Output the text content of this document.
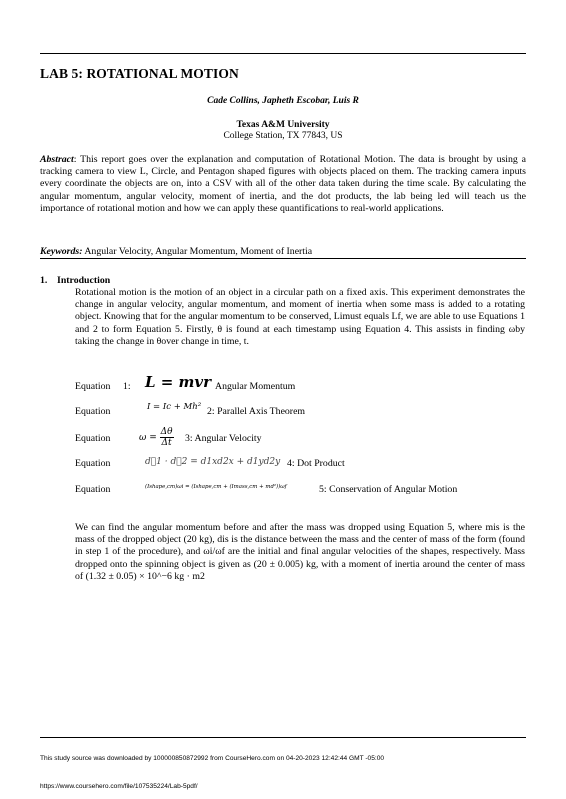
LAB 5: ROTATIONAL MOTION
Cade Collins, Japheth Escobar, Luis R
Texas A&M University
College Station, TX 77843, US
Abstract: This report goes over the explanation and computation of Rotational Motion. The data is brought by using a tracking camera to view L, Circle, and Pentagon shaped figures with objects placed on them. The tracking camera inputs every coordinate the objects are on, into a CSV with all of the other data taken during the time scale. By calculating the angular momentum, angular velocity, moment of inertia, and the dot products, the lab being led will teach us the importance of rotational motion and how we can apply these quantifications to real-world applications.
Keywords: Angular Velocity, Angular Momentum, Moment of Inertia
1. Introduction
Rotational motion is the motion of an object in a circular path on a fixed axis. This experiment demonstrates the change in angular velocity, angular momentum, and moment of inertia when some mass is added to a rotating object. Knowing that for the angular momentum to be conserved, Limust equals Lf, we are able to use Equations 1 and 2 to form Equation 5. Firstly, θ is found at each timestamp using Equation 4. This assists in finding ωby taking the change in θover change in time, t.
Equation 1: L = mvr Angular Momentum
Equation	I = Ic + Mh² 2: Parallel Axis Theorem
Equation	$\omega = \frac{\Delta\theta}{\Delta t} 3$: Angular Velocity
Equation	d⃗1 · d⃗2 = d1xd2x + d1yd2y 4: Dot Product
Equation	(Ishape,cm)ωi = (Ishape,cm + (Imass,cm + md²))ωf	5: Conservation of Angular Motion
We can find the angular momentum before and after the mass was dropped using Equation 5, where mis is the mass of the dropped object (20 kg), dis is the distance between the mass and the center of mass of the form (found in step 1 of the procedure), and ωi/ωf are the initial and final angular velocities of the shapes, respectively. Mass dropped onto the spinning object is given as (20 ± 0.005) kg, with a moment of inertia around the center of mass of (1.32 ± 0.05) × 10^−6 kg · m2
This study source was downloaded by 100000850872992 from CourseHero.com on 04-20-2023 12:42:44 GMT -05:00
https://www.coursehero.com/file/107535224/Lab-5pdf/
